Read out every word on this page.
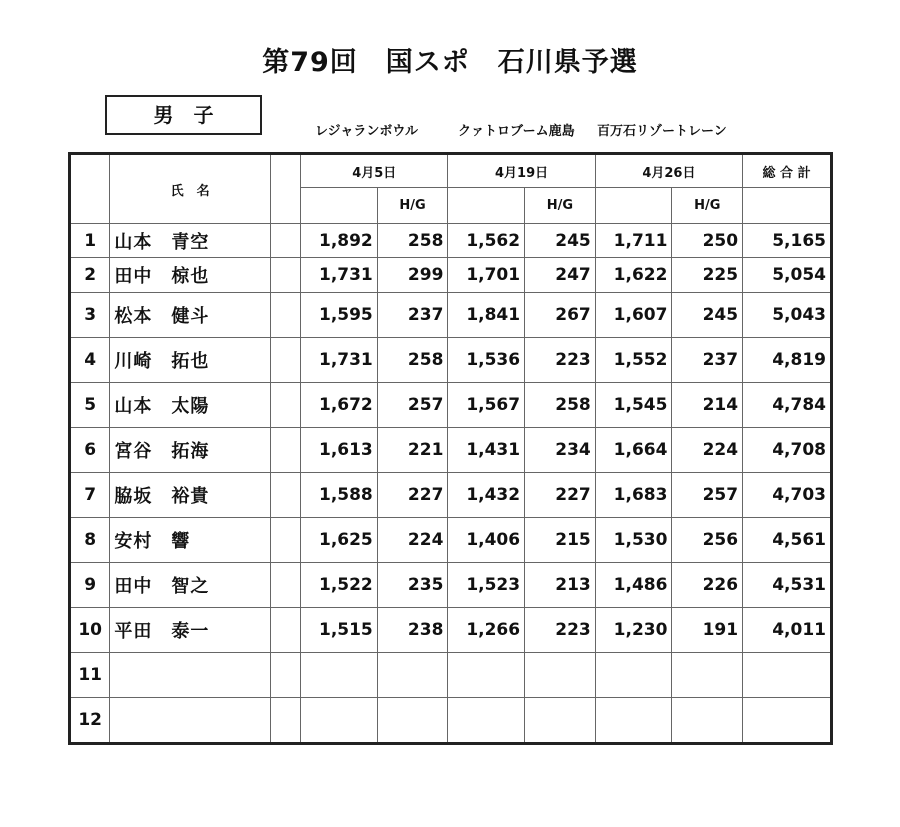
第79回　国スポ　石川県予選
男　子
レジャランボウル	クァトロブーム鹿島 百万石リゾートレーン
	氏　名		4月5日		4月19日		4月26日		総 合 計
				H/G		H/G		H/G	
1	山本　青空		1,892	258	1,562	245	1,711	250	5,165
2	田中　椋也		1,731	299	1,701	247	1,622	225	5,054
3	松本　健斗		1,595	237	1,841	267	1,607	245	5,043
4	川崎　拓也		1,731	258	1,536	223	1,552	237	4,819
5	山本　太陽		1,672	257	1,567	258	1,545	214	4,784
6	宮谷　拓海		1,613	221	1,431	234	1,664	224	4,708
7	脇坂　裕貴		1,588	227	1,432	227	1,683	257	4,703
8	安村　響		1,625	224	1,406	215	1,530	256	4,561
9	田中　智之		1,522	235	1,523	213	1,486	226	4,531
10	平田　泰一		1,515	238	1,266	223	1,230	191	4,011
11									
12									
